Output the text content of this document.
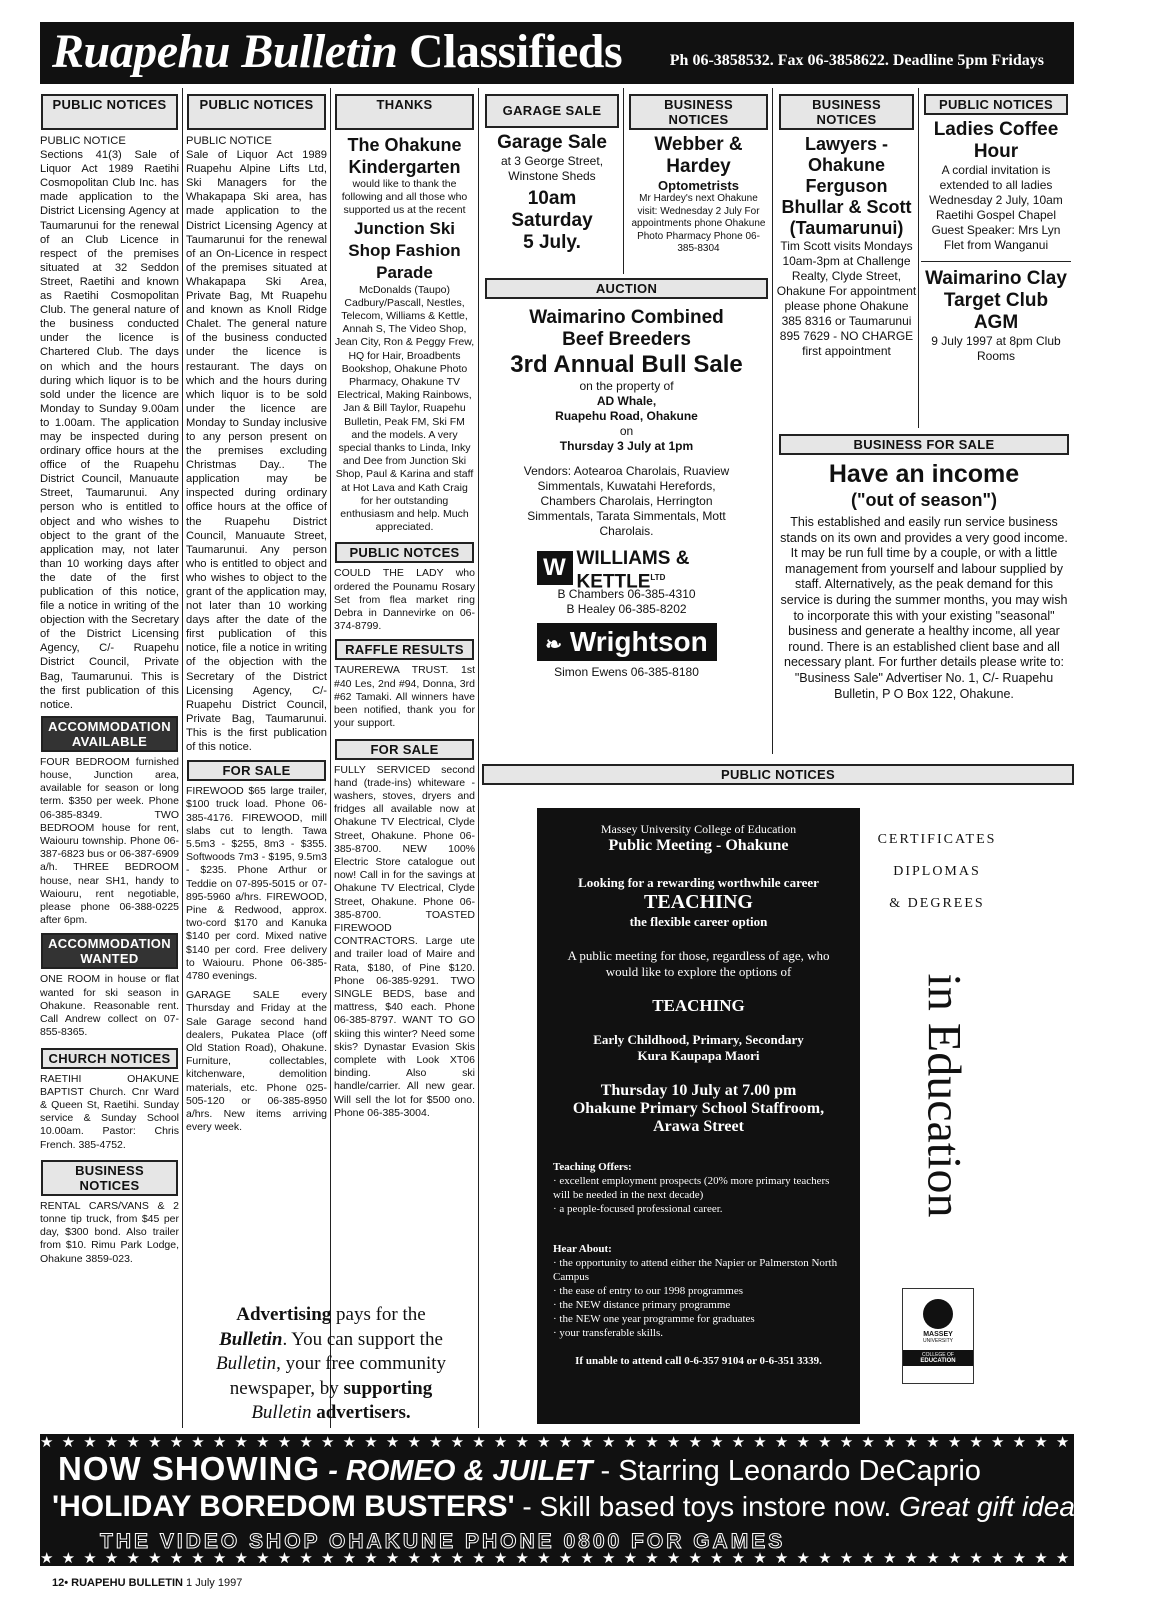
Ruapehu Bulletin Classifieds	Ph 06-3858532. Fax 06-3858622. Deadline 5pm Fridays
PUBLIC NOTICES
PUBLIC NOTICE
Sections 41(3) Sale of Liquor Act 1989 Raetihi Cosmopolitan Club Inc. has made application to the District Licensing Agency at Taumarunui for the renewal of an Club Licence in respect of the premises situated at 32 Seddon Street, Raetihi and known as Raetihi Cosmopolitan Club. The general nature of the business conducted under the licence is Chartered Club. The days on which and the hours during which liquor is to be sold under the licence are Monday to Sunday 9.00am to 1.00am. The application may be inspected during ordinary office hours at the office of the Ruapehu District Council, Manuaute Street, Taumarunui. Any person who is entitled to object and who wishes to object to the grant of the application may, not later than 10 working days after the date of the first publication of this notice, file a notice in writing of the objection with the Secretary of the District Licensing Agency, C/- Ruapehu District Council, Private Bag, Taumarunui. This is the first publication of this notice.
ACCOMMODATION AVAILABLE
FOUR BEDROOM furnished house, Junction area, available for season or long term. $350 per week. Phone 06-385-8349. TWO BEDROOM house for rent, Waiouru township. Phone 06-387-6823 bus or 06-387-6909 a/h. THREE BEDROOM house, near SH1, handy to Waiouru, rent negotiable, please phone 06-388-0225 after 6pm.
ACCOMMODATION WANTED
ONE ROOM in house or flat wanted for ski season in Ohakune. Reasonable rent. Call Andrew collect on 07-855-8365.
CHURCH NOTICES
RAETIHI OHAKUNE BAPTIST Church. Cnr Ward & Queen St, Raetihi. Sunday service & Sunday School 10.00am. Pastor: Chris French. 385-4752.
BUSINESS NOTICES
RENTAL CARS/VANS & 2 tonne tip truck, from $45 per day, $300 bond. Also trailer from $10. Rimu Park Lodge, Ohakune 3859-023.
PUBLIC NOTICES
PUBLIC NOTICE
Sale of Liquor Act 1989 Ruapehu Alpine Lifts Ltd, Ski Managers for the Whakapapa Ski area, has made application to the District Licensing Agency at Taumarunui for the renewal of an On-Licence in respect of the premises situated at Whakapapa Ski Area, Private Bag, Mt Ruapehu and known as Knoll Ridge Chalet. The general nature of the business conducted under the licence is restaurant. The days on which and the hours during which liquor is to be sold under the licence are Monday to Sunday inclusive to any person present on the premises excluding Christmas Day.. The application may be inspected during ordinary office hours at the office of the Ruapehu District Council, Manuaute Street, Taumarunui. Any person who is entitled to object and who wishes to object to the grant of the application may, not later than 10 working days after the date of the first publication of this notice, file a notice in writing of the objection with the Secretary of the District Licensing Agency, C/- Ruapehu District Council, Private Bag, Taumarunui. This is the first publication of this notice.
FOR SALE
FIREWOOD $65 large trailer, $100 truck load. Phone 06-385-4176. FIREWOOD, mill slabs cut to length. Tawa 5.5m3 - $255, 8m3 - $355. Softwoods 7m3 - $195, 9.5m3 - $235. Phone Arthur or Teddie on 07-895-5015 or 07-895-5960 a/hrs. FIREWOOD, Pine & Redwood, approx. two-cord $170 and Kanuka $140 per cord. Mixed native $140 per cord. Free delivery to Waiouru. Phone 06-385-4780 evenings.
GARAGE SALE every Thursday and Friday at the Sale Garage second hand dealers, Pukatea Place (off Old Station Road), Ohakune. Furniture, collectables, kitchenware, demolition materials, etc. Phone 025-505-120 or 06-385-8950 a/hrs. New items arriving every week.
THANKS
The Ohakune Kindergarten
would like to thank the following and all those who supported us at the recent
Junction Ski Shop Fashion Parade
McDonalds (Taupo) Cadbury/Pascall, Nestles, Telecom, Williams & Kettle, Annah S, The Video Shop, Jean City, Ron & Peggy Frew, HQ for Hair, Broadbents Bookshop, Ohakune Photo Pharmacy, Ohakune TV Electrical, Making Rainbows, Jan & Bill Taylor, Ruapehu Bulletin, Peak FM, Ski FM and the models. A very special thanks to Linda, Inky and Dee from Junction Ski Shop, Paul & Karina and staff at Hot Lava and Kath Craig for her outstanding enthusiasm and help. Much appreciated.
PUBLIC NOTCES
COULD THE LADY who ordered the Pounamu Rosary Set from flea market ring Debra in Dannevirke on 06-374-8799.
RAFFLE RESULTS
TAUREREWA TRUST. 1st #40 Les, 2nd #94, Donna, 3rd #62 Tamaki. All winners have been notified, thank you for your support.
FOR SALE
FULLY SERVICED second hand (trade-ins) whiteware - washers, stoves, dryers and fridges all available now at Ohakune TV Electrical, Clyde Street, Ohakune. Phone 06-385-8700. NEW 100% Electric Store catalogue out now! Call in for the savings at Ohakune TV Electrical, Clyde Street, Ohakune. Phone 06-385-8700. TOASTED FIREWOOD CONTRACTORS. Large ute and trailer load of Maire and Rata, $180, of Pine $120. Phone 06-385-9291. TWO SINGLE BEDS, base and mattress, $40 each. Phone 06-385-8797. WANT TO GO skiing this winter? Need some skis? Dynastar Evasion Skis complete with Look XT06 binding. Also ski handle/carrier. All new gear. Will sell the lot for $500 ono. Phone 06-385-3004.
Advertising pays for the
Bulletin. You can support the
Bulletin, your free community
newspaper, by supporting
Bulletin advertisers.
GARAGE SALE
Garage Sale
at 3 George Street, Winstone Sheds
10am
Saturday
5 July.
BUSINESS NOTICES
Webber & Hardey
Optometrists
Mr Hardey's next Ohakune visit: Wednesday 2 July For appointments phone Ohakune Photo Pharmacy Phone 06-385-8304
AUCTION
Waimarino Combined
Beef Breeders
3rd Annual Bull Sale
on the property of
AD Whale,
Ruapehu Road, Ohakune
on
Thursday 3 July at 1pm
Vendors: Aotearoa Charolais, Ruaview Simmentals, Kuwatahi Herefords, Chambers Charolais, Herrington Simmentals, Tarata Simmentals, Mott Charolais.
W WILLIAMS & $KETTLE^{LTD}$
B Chambers 06-385-4310
B Healey 06-385-8202
❧ Wrightson
Simon Ewens 06-385-8180
BUSINESS NOTICES
Lawyers - Ohakune Ferguson Bhullar & Scott (Taumarunui)
Tim Scott visits Mondays 10am-3pm at Challenge Realty, Clyde Street, Ohakune For appointment please phone Ohakune 385 8316 or Taumarunui 895 7629 - NO CHARGE first appointment
PUBLIC NOTICES
Ladies Coffee Hour
A cordial invitation is extended to all ladies Wednesday 2 July, 10am Raetihi Gospel Chapel Guest Speaker: Mrs Lyn Flet from Wanganui
Waimarino Clay Target Club AGM
9 July 1997 at 8pm Club Rooms
BUSINESS FOR SALE
Have an income
("out of season")
This established and easily run service business stands on its own and provides a very good income. It may be run full time by a couple, or with a little management from yourself and labour supplied by staff. Alternatively, as the peak demand for this service is during the summer months, you may wish to incorporate this with your existing "seasonal" business and generate a healthy income, all year round. There is an established client base and all necessary plant. For further details please write to: "Business Sale" Advertiser No. 1, C/- Ruapehu Bulletin, P O Box 122, Ohakune.
PUBLIC NOTICES
Massey University College of Education
Public Meeting - Ohakune
Looking for a rewarding worthwhile career
TEACHING
the flexible career option
A public meeting for those, regardless of age, who would like to explore the options of
TEACHING
Early Childhood, Primary, Secondary
Kura Kaupapa Maori
Thursday 10 July at 7.00 pm
Ohakune Primary School Staffroom,
Arawa Street
Teaching Offers:
· excellent employment prospects (20% more primary teachers will be needed in the next decade)
· a people-focused professional career.
Hear About:
· the opportunity to attend either the Napier or Palmerston North Campus
· the ease of entry to our 1998 programmes
· the NEW distance primary programme
· the NEW one year programme for graduates
· your transferable skills.
If unable to attend call 0-6-357 9104 or 0-6-351 3339.
CERTIFICATES
DIPLOMAS
& DEGREES
in Education
MASSEY
UNIVERSITY
COLLEGE OF
EDUCATION
★ ★ ★ ★ ★ ★ ★ ★ ★ ★ ★ ★ ★ ★ ★ ★ ★ ★ ★ ★ ★ ★ ★ ★ ★ ★ ★ ★ ★ ★ ★ ★ ★ ★ ★ ★ ★ ★ ★ ★ ★ ★ ★ ★ ★ ★ ★ ★ ★ ★ ★ ★
NOW SHOWING - ROMEO & JUILET - Starring Leonardo DeCaprio
'HOLIDAY BOREDOM BUSTERS' - Skill based toys instore now. Great gift ideas!
THE VIDEO SHOP OHAKUNE PHONE 0800 FOR GAMES
★ ★ ★ ★ ★ ★ ★ ★ ★ ★ ★ ★ ★ ★ ★ ★ ★ ★ ★ ★ ★ ★ ★ ★ ★ ★ ★ ★ ★ ★ ★ ★ ★ ★ ★ ★ ★ ★ ★ ★ ★ ★ ★ ★ ★ ★ ★ ★ ★ ★ ★ ★
12• RUAPEHU BULLETIN 1 July 1997
